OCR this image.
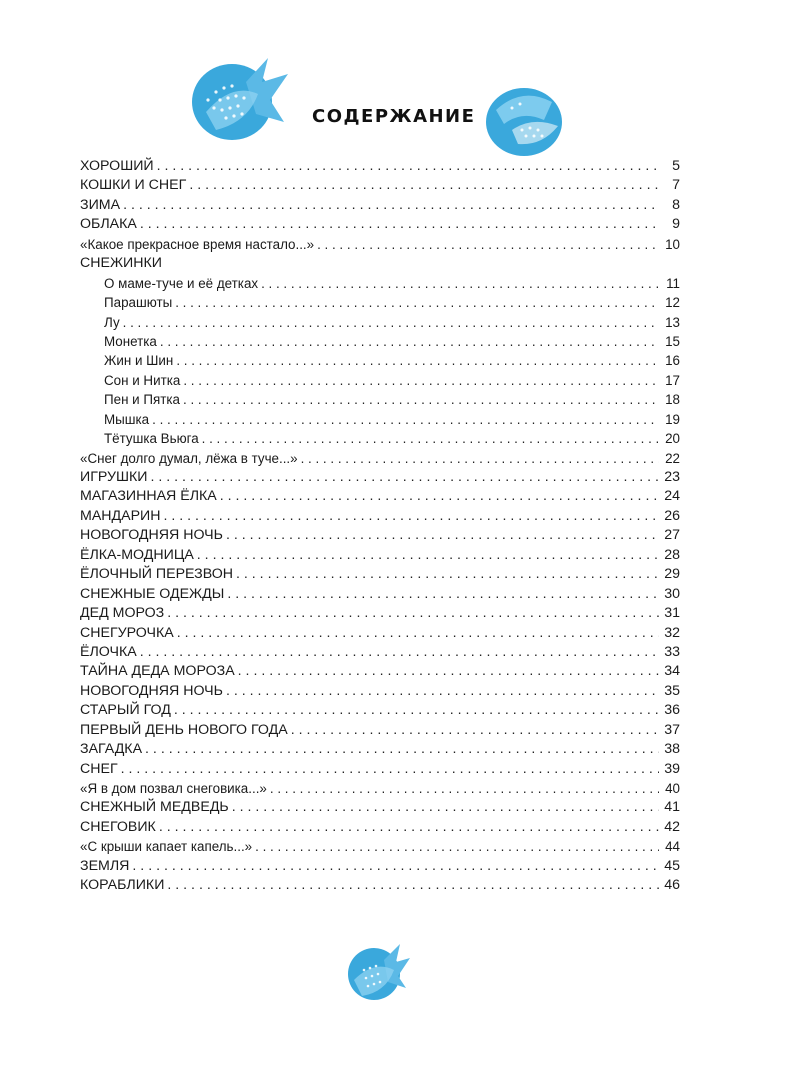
СОДЕРЖАНИЕ
ХОРОШИЙ . . .	5
КОШКИ И СНЕГ . . .	7
ЗИМА . . .	8
ОБЛАКА . . .	9
«Какое прекрасное время настало...» . . .	10
СНЕЖИНКИ
О маме-туче и её детках . . .	11
Парашюты . . .	12
Лу . . .	13
Монетка . . .	15
Жин и Шин . . .	16
Сон и Нитка . . .	17
Пен и Пятка . . .	18
Мышка . . .	19
Тётушка Вьюга . . .	20
«Снег долго думал, лёжа в туче...» . . .	22
ИГРУШКИ . . .	23
МАГАЗИННАЯ ЁЛКА . . .	24
МАНДАРИН . . .	26
НОВОГОДНЯЯ НОЧЬ . . .	27
ЁЛКА-МОДНИЦА . . .	28
ЁЛОЧНЫЙ ПЕРЕЗВОН . . .	29
СНЕЖНЫЕ ОДЕЖДЫ . . .	30
ДЕД МОРОЗ . . .	31
СНЕГУРОЧКА . . .	32
ЁЛОЧКА . . .	33
ТАЙНА ДЕДА МОРОЗА . . .	34
НОВОГОДНЯЯ НОЧЬ . . .	35
СТАРЫЙ ГОД . . .	36
ПЕРВЫЙ ДЕНЬ НОВОГО ГОДА . . .	37
ЗАГАДКА . . .	38
СНЕГ . . .	39
«Я в дом позвал снеговика...» . . .	40
СНЕЖНЫЙ МЕДВЕДЬ . . .	41
СНЕГОВИК . . .	42
«С крыши капает капель...» . . .	44
ЗЕМЛЯ . . .	45
КОРАБЛИКИ . . .	46
